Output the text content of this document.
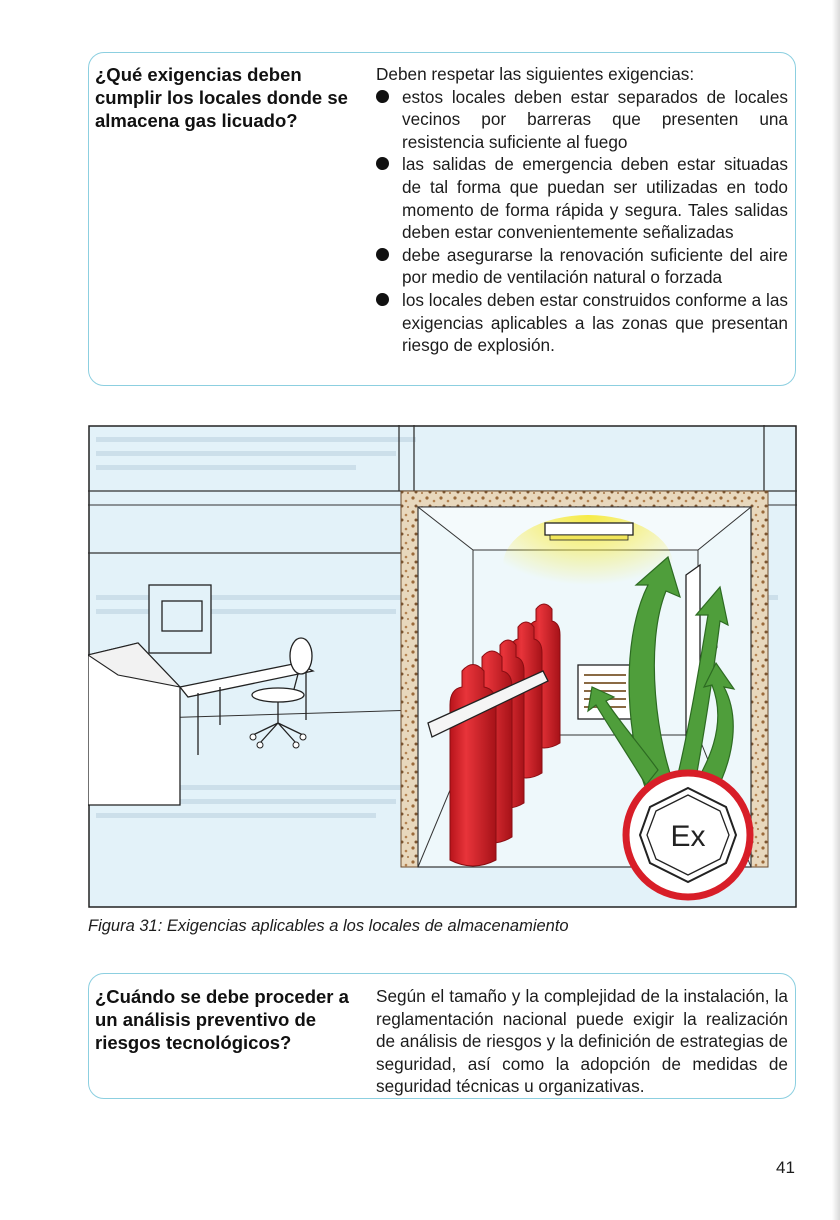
¿Qué exigencias deben cumplir los locales donde se almacena gas licuado?
Deben respetar las siguientes exigencias:
estos locales deben estar separados de locales vecinos por barreras que presenten una resistencia suficiente al fuego
las salidas de emergencia deben estar situadas de tal forma que puedan ser utilizadas en todo momento de forma rápida y segura. Tales salidas deben estar convenientemente señalizadas
debe asegurarse la renovación suficiente del aire por medio de ventilación natural o forzada
los locales deben estar construidos conforme a las exigencias aplicables a las zonas que presentan riesgo de explosión.
Ex
Figura 31: Exigencias aplicables a los locales de almacenamiento
¿Cuándo se debe proceder a un análisis preventivo de riesgos tecnológicos?
Según el tamaño y la complejidad de la instalación, la reglamentación nacional puede exigir la realización de análisis de riesgos y la definición de estrategias de seguridad, así como la adopción de medidas de seguridad técnicas u organizativas.
41
